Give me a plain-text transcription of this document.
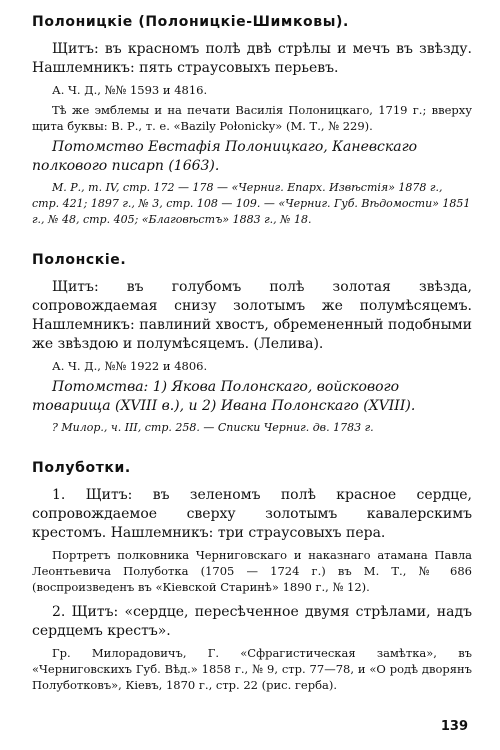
Полоницкіе (Полоницкіе-Шимковы).

Щитъ: въ красномъ полѣ двѣ стрѣлы и мечъ въ звѣзду. Нашлемникъ: пять страусовыхъ перьевъ.

А. Ч. Д., №№ 1593 и 4816.

Тѣ же эмблемы и на печати Василія Полоницкаго, 1719 г.; вверху щита буквы: В. Р., т. е. «Bazily Połonicky» (М. Т., № 229).

Потомство Евстафія Полоницкаго, Каневскаго полкового писарп (1663).

М. Р., т. IV, стр. 172 — 178 — «Черниг. Епарх. Извѣстія» 1878 г., стр. 421; 1897 г., № 3, стр. 108 — 109. — «Черниг. Губ. Вѣдомости» 1851 г., № 48, стр. 405; «Благовѣстъ» 1883 г., № 18.

Полонскіе.

Щитъ: въ голубомъ полѣ золотая звѣзда, сопровождаемая снизу золотымъ же полумѣсяцемъ. Нашлемникъ: павлиний хвостъ, обремененный подобными же звѣздою и полумѣсяцемъ. (Лелива).

А. Ч. Д., №№ 1922 и 4806.

Потомства: 1) Якова Полонскаго, войскового товарища (XVIII в.), и 2) Ивана Полонскаго (XVIII).

? Милор., ч. III, стр. 258. — Списки Черниг. дв. 1783 г.

Полуботки.

1. Щитъ: въ зеленомъ полѣ красное сердце, сопровождаемое сверху золотымъ кавалерскимъ крестомъ. Нашлемникъ: три страусовыхъ пера.

Портретъ полковника Черниговскаго и наказнаго атамана Павла Леонтьевича Полуботка (1705 — 1724 г.) въ М. Т., № 686 (воспроизведенъ въ «Кіевской Старинѣ» 1890 г., № 12).

2. Щитъ: «сердце, пересѣченное двумя стрѣлами, надъ сердцемъ крестъ».

Гр. Милорадовичъ, Г. «Сфрагистическая замѣтка», въ «Черниговскихъ Губ. Вѣд.» 1858 г., № 9, стр. 77—78, и «О родѣ дворянъ Полуботковъ», Кіевъ, 1870 г., стр. 22 (рис. герба).

139
